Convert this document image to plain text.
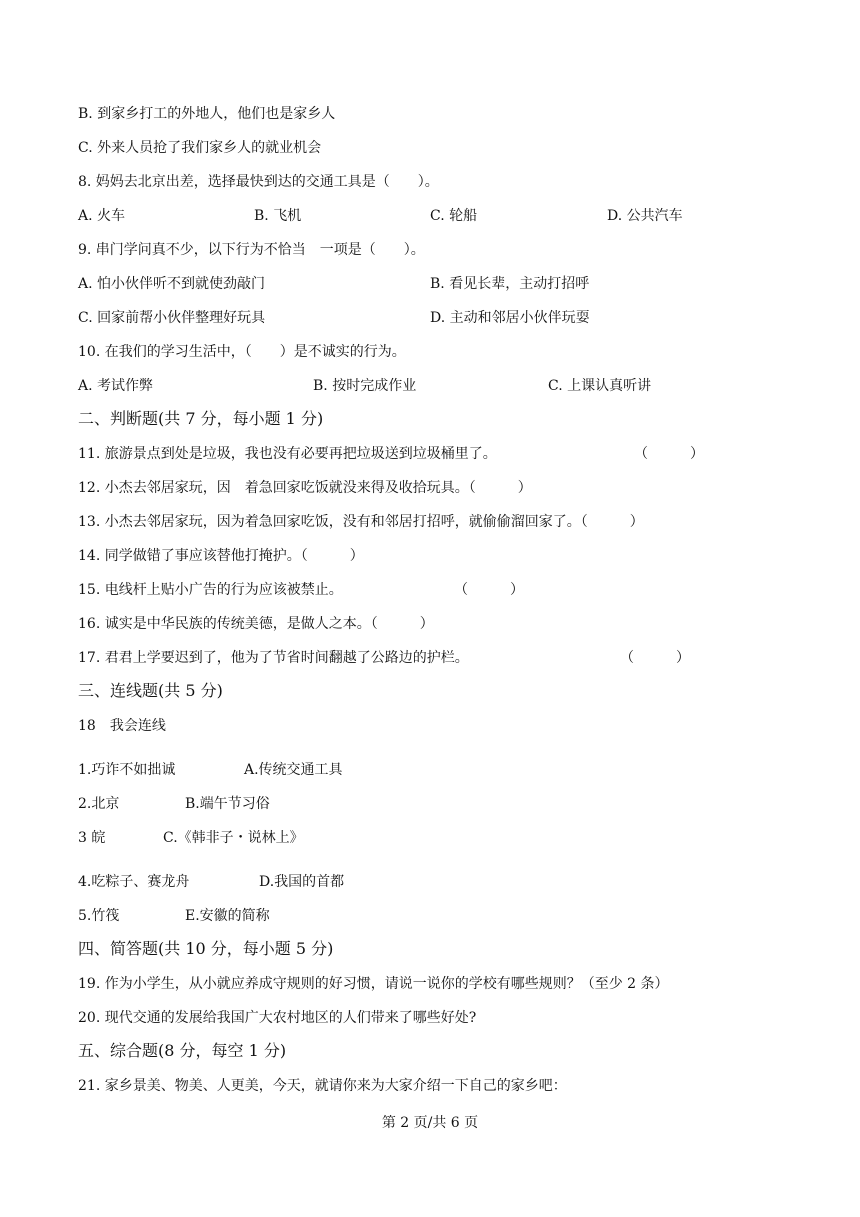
B. 到家乡打工的外地人，他们也是家乡人
C. 外来人员抢了我们家乡人的就业机会
8. 妈妈去北京出差，选择最快到达的交通工具是（　　）。
A. 火车	B. 飞机	C. 轮船	D. 公共汽车
9. 串门学问真不少，以下行为不恰当　一项是（　　）。
A. 怕小伙伴听不到就使劲敲门	B. 看见长辈，主动打招呼
C. 回家前帮小伙伴整理好玩具	D. 主动和邻居小伙伴玩耍
10. 在我们的学习生活中，（　　）是不诚实的行为。
A. 考试作弊	B. 按时完成作业	C. 上课认真听讲
二、判断题(共 7 分，每小题 1 分)
11. 旅游景点到处是垃圾，我也没有必要再把垃圾送到垃圾桶里了。	（　　　）
12. 小杰去邻居家玩，因　着急回家吃饭就没来得及收拾玩具。（　　　）
13. 小杰去邻居家玩，因为着急回家吃饭，没有和邻居打招呼，就偷偷溜回家了。（　　　）
14. 同学做错了事应该替他打掩护。（　　　）
15. 电线杆上贴小广告的行为应该被禁止。	（　　　）
16. 诚实是中华民族的传统美德，是做人之本。（　　　）
17. 君君上学要迟到了，他为了节省时间翻越了公路边的护栏。	（　　　）
三、连线题(共 5 分)
18　我会连线
1.巧诈不如拙诚	A.传统交通工具
2.北京	B.端午节习俗
3 皖	C.《韩非子・说林上》
4.吃粽子、赛龙舟	D.我国的首都
5.竹筏	E.安徽的简称
四、简答题(共 10 分，每小题 5 分)
19. 作为小学生，从小就应养成守规则的好习惯，请说一说你的学校有哪些规则？（至少 2 条）
20. 现代交通的发展给我国广大农村地区的人们带来了哪些好处?
五、综合题(8 分，每空 1 分)
21. 家乡景美、物美、人更美，今天，就请你来为大家介绍一下自己的家乡吧：
第 2 页/共 6 页
